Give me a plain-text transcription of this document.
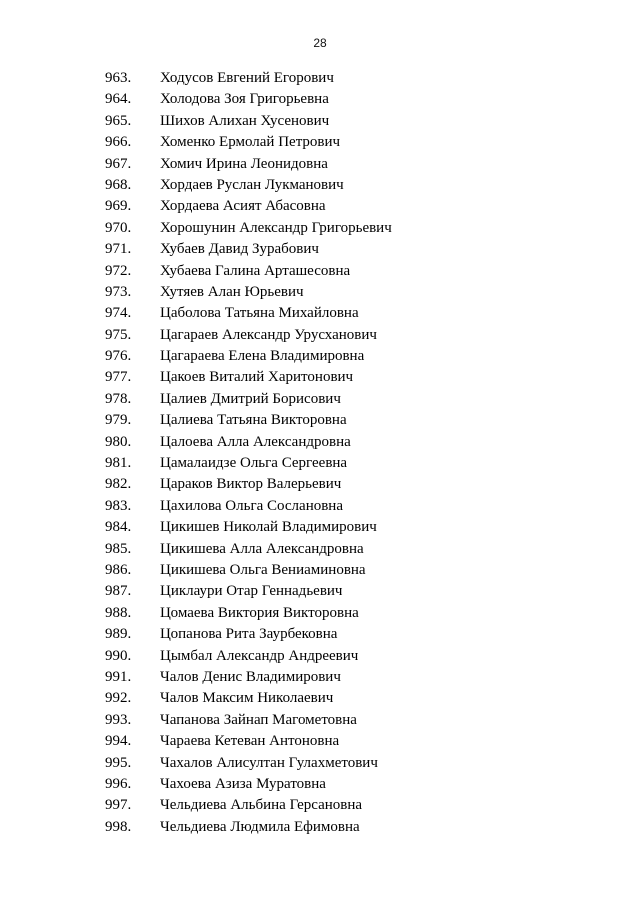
28
963. Ходусов Евгений Егорович
964. Холодова Зоя Григорьевна
965. Шихов Алихан Хусенович
966. Хоменко Ермолай Петрович
967. Хомич Ирина Леонидовна
968. Хордаев Руслан Лукманович
969. Хордаева Асият Абасовна
970. Хорошунин Александр Григорьевич
971. Хубаев Давид Зурабович
972. Хубаева Галина Арташесовна
973. Хутяев Алан Юрьевич
974. Цаболова Татьяна Михайловна
975. Цагараев Александр Урусханович
976. Цагараева Елена Владимировна
977. Цакоев Виталий Харитонович
978. Цалиев Дмитрий Борисович
979. Цалиева Татьяна Викторовна
980. Цалоева Алла Александровна
981. Цамалаидзе Ольга Сергеевна
982. Цараков Виктор Валерьевич
983. Цахилова Ольга Сослановна
984. Цикишев Николай Владимирович
985. Цикишева Алла Александровна
986. Цикишева Ольга Вениаминовна
987. Циклаури Отар Геннадьевич
988. Цомаева Виктория Викторовна
989. Цопанова Рита Заурбековна
990. Цымбал Александр Андреевич
991. Чалов Денис Владимирович
992. Чалов Максим Николаевич
993. Чапанова Зайнап Магометовна
994. Чараева Кетеван Антоновна
995. Чахалов Алисултан Гулахметович
996. Чахоева Азиза Муратовна
997. Чельдиева Альбина Герсановна
998. Чельдиева Людмила Ефимовна
